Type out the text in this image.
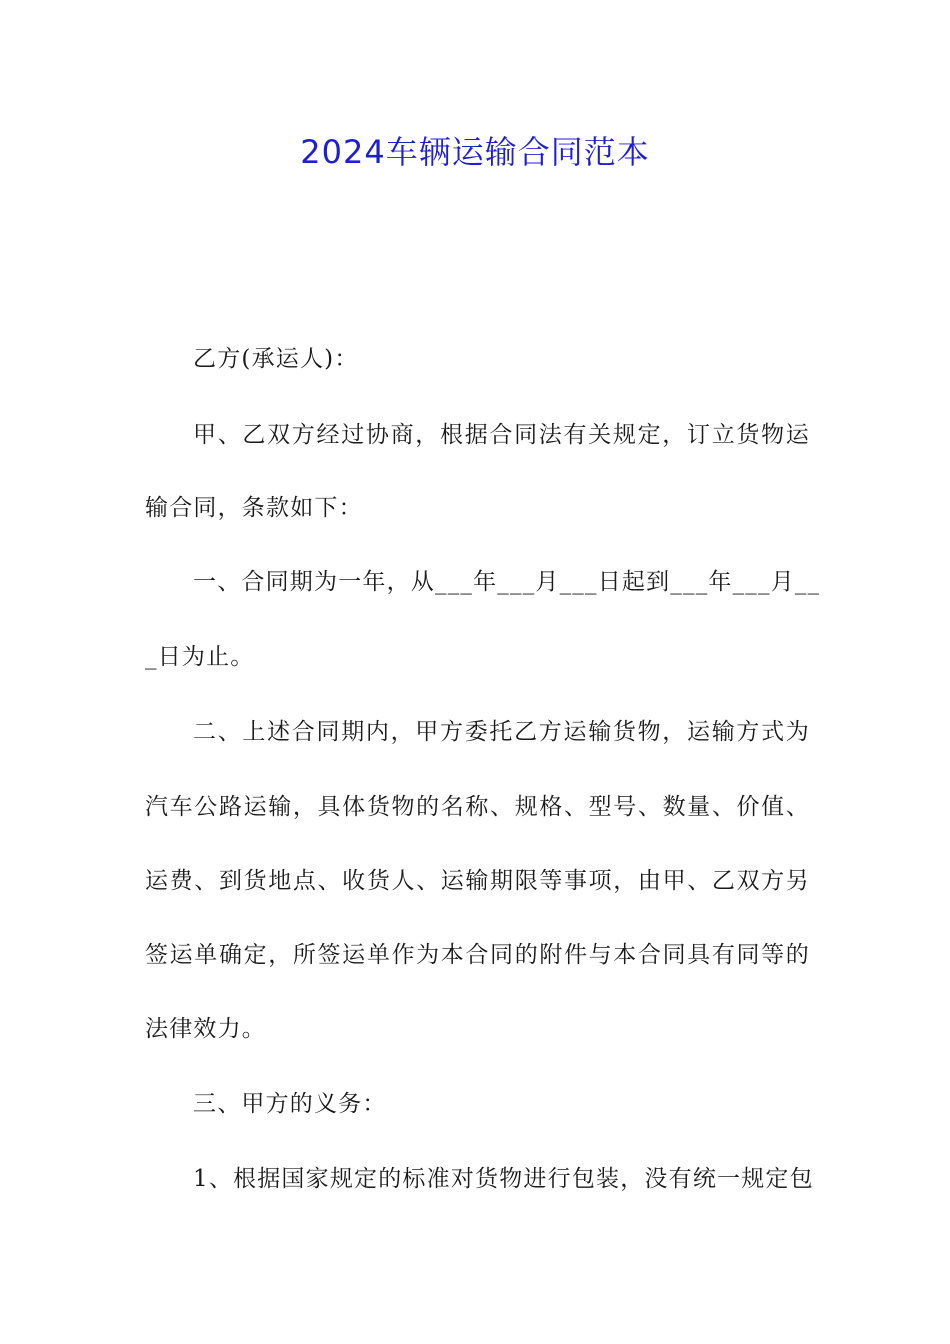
2024车辆运输合同范本
乙方(承运人)：
甲、乙双方经过协商，根据合同法有关规定，订立货物运
输合同，条款如下：
一、合同期为一年，从___年___月___日起到___年___月__
_日为止。
二、上述合同期内，甲方委托乙方运输货物，运输方式为
汽车公路运输，具体货物的名称、规格、型号、数量、价值、
运费、到货地点、收货人、运输期限等事项，由甲、乙双方另
签运单确定，所签运单作为本合同的附件与本合同具有同等的
法律效力。
三、甲方的义务：
1、根据国家规定的标准对货物进行包装，没有统一规定包
